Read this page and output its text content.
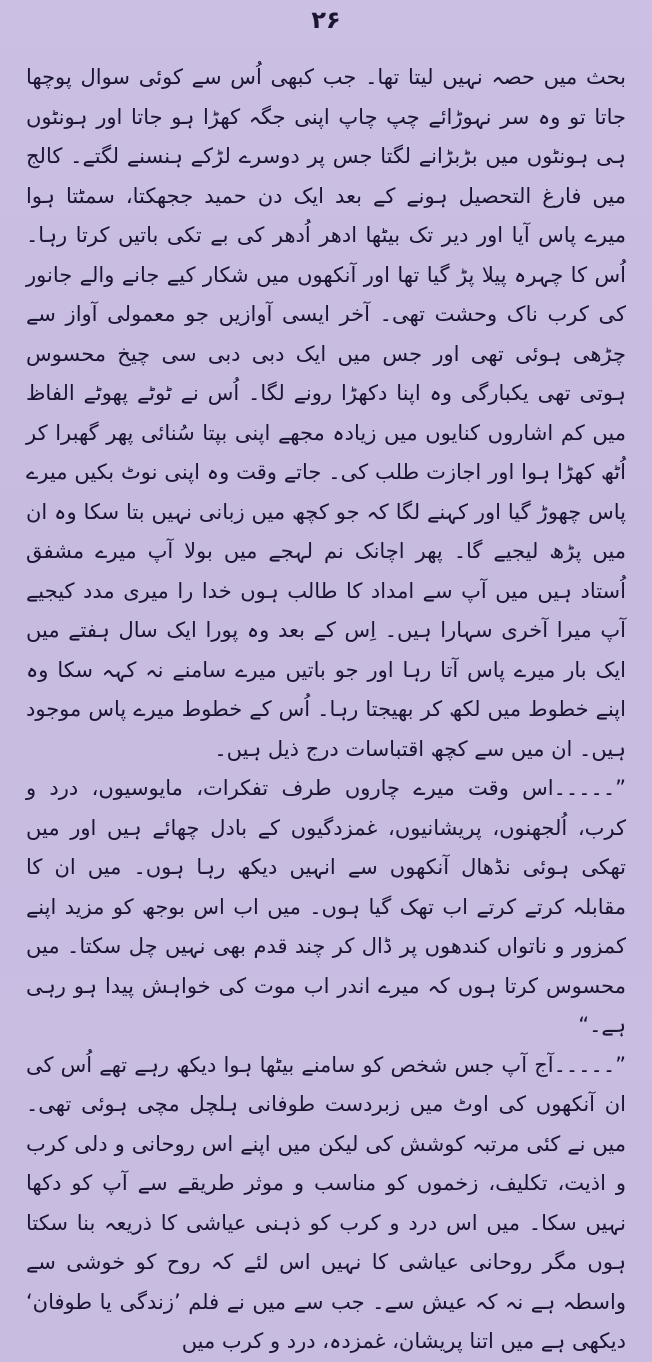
۲۶

بحث میں حصہ نہیں لیتا تھا۔ جب کبھی اُس سے کوئی سوال پوچھا جاتا تو وہ سر نہوڑائے چپ چاپ اپنی جگہ کھڑا ہو جاتا اور ہونٹوں ہی ہونٹوں میں بڑبڑانے لگتا جس پر دوسرے لڑکے ہنسنے لگتے۔ کالج میں فارغ التحصیل ہونے کے بعد ایک دن حمید ججھکتا، سمٹتا ہوا میرے پاس آیا اور دیر تک بیٹھا ادھر اُدھر کی بے تکی باتیں کرتا رہا۔ اُس کا چہرہ پیلا پڑ گیا تھا اور آنکھوں میں شکار کیے جانے والے جانور کی کرب ناک وحشت تھی۔ آخر ایسی آوازیں جو معمولی آواز سے چڑھی ہوئی تھی اور جس میں ایک دبی دبی سی چیخ محسوس ہوتی تھی یکبارگی وہ اپنا دکھڑا رونے لگا۔ اُس نے ٹوٹے پھوٹے الفاظ میں کم اشاروں کنایوں میں زیادہ مجھے اپنی بپتا سُنائی پھر گھبرا کر اُٹھ کھڑا ہوا اور اجازت طلب کی۔ جاتے وقت وہ اپنی نوٹ بکیں میرے پاس چھوڑ گیا اور کہنے لگا کہ جو کچھ میں زبانی نہیں بتا سکا وہ ان میں پڑھ لیجیے گا۔ پھر اچانک نم لہجے میں بولا آپ میرے مشفق اُستاد ہیں میں آپ سے امداد کا طالب ہوں خدا را میری مدد کیجیے آپ میرا آخری سہارا ہیں۔ اِس کے بعد وہ پورا ایک سال ہفتے میں ایک بار میرے پاس آتا رہا اور جو باتیں میرے سامنے نہ کہہ سکا وہ اپنے خطوط میں لکھ کر بھیجتا رہا۔ اُس کے خطوط میرے پاس موجود ہیں۔ ان میں سے کچھ اقتباسات درج ذیل ہیں۔

”۔۔۔۔۔اس وقت میرے چاروں طرف تفکرات، مایوسیوں، درد و کرب، اُلجھنوں، پریشانیوں، غمزدگیوں کے بادل چھائے ہیں اور میں تھکی ہوئی نڈھال آنکھوں سے انہیں دیکھ رہا ہوں۔ میں ان کا مقابلہ کرتے کرتے اب تھک گیا ہوں۔ میں اب اس بوجھ کو مزید اپنے کمزور و ناتواں کندھوں پر ڈال کر چند قدم بھی نہیں چل سکتا۔ میں محسوس کرتا ہوں کہ میرے اندر اب موت کی خواہش پیدا ہو رہی ہے۔“

”۔۔۔۔۔آج آپ جس شخص کو سامنے بیٹھا ہوا دیکھ رہے تھے اُس کی ان آنکھوں کی اوٹ میں زبردست طوفانی ہلچل مچی ہوئی تھی۔ میں نے کئی مرتبہ کوشش کی لیکن میں اپنے اس روحانی و دلی کرب و اذیت، تکلیف، زخموں کو مناسب و موثر طریقے سے آپ کو دکھا نہیں سکا۔ میں اس درد و کرب کو ذہنی عیاشی کا ذریعہ بنا سکتا ہوں مگر روحانی عیاشی کا نہیں اس لئے کہ روح کو خوشی سے واسطہ ہے نہ کہ عیش سے۔ جب سے میں نے فلم ’زندگی یا طوفان‘ دیکھی ہے میں اتنا پریشان، غمزدہ، درد و کرب میں
